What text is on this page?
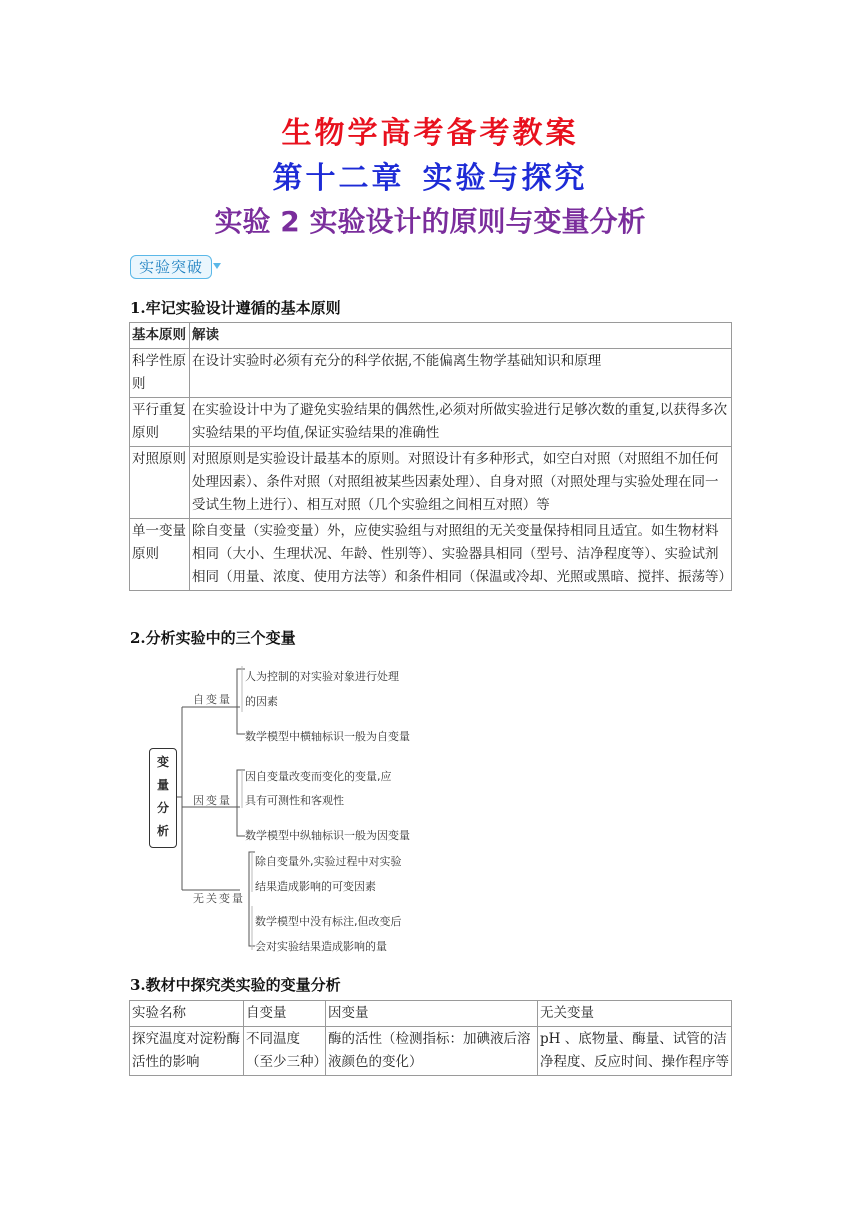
生物学高考备考教案
第十二章 实验与探究
实验 2 实验设计的原则与变量分析
实验突破
1.牢记实验设计遵循的基本原则
基本原则	解读
科学性原则	在设计实验时必须有充分的科学依据,不能偏离生物学基础知识和原理
平行重复原则	在实验设计中为了避免实验结果的偶然性,必须对所做实验进行足够次数的重复,以获得多次实验结果的平均值,保证实验结果的准确性
对照原则	对照原则是实验设计最基本的原则。对照设计有多种形式，如空白对照（对照组不加任何处理因素）、条件对照（对照组被某些因素处理）、自身对照（对照处理与实验处理在同一受试生物上进行）、相互对照（几个实验组之间相互对照）等
单一变量原则	除自变量（实验变量）外，应使实验组与对照组的无关变量保持相同且适宜。如生物材料相同（大小、生理状况、年龄、性别等）、实验器具相同（型号、洁净程度等）、实验试剂相同（用量、浓度、使用方法等）和条件相同（保温或冷却、光照或黑暗、搅拌、振荡等）
2.分析实验中的三个变量
变
量
分
析
自变量
人为控制的对实验对象进行处理
的因素
数学模型中横轴标识一般为自变量
因变量
因自变量改变而变化的变量,应
具有可测性和客观性
数学模型中纵轴标识一般为因变量
无关变量
除自变量外,实验过程中对实验
结果造成影响的可变因素
数学模型中没有标注,但改变后
会对实验结果造成影响的量
3.教材中探究类实验的变量分析
实验名称	自变量	因变量	无关变量
探究温度对淀粉酶活性的影响	不同温度（至少三种）	酶的活性（检测指标：加碘液后溶液颜色的变化）	pH 、底物量、酶量、试管的洁净程度、反应时间、操作程序等
